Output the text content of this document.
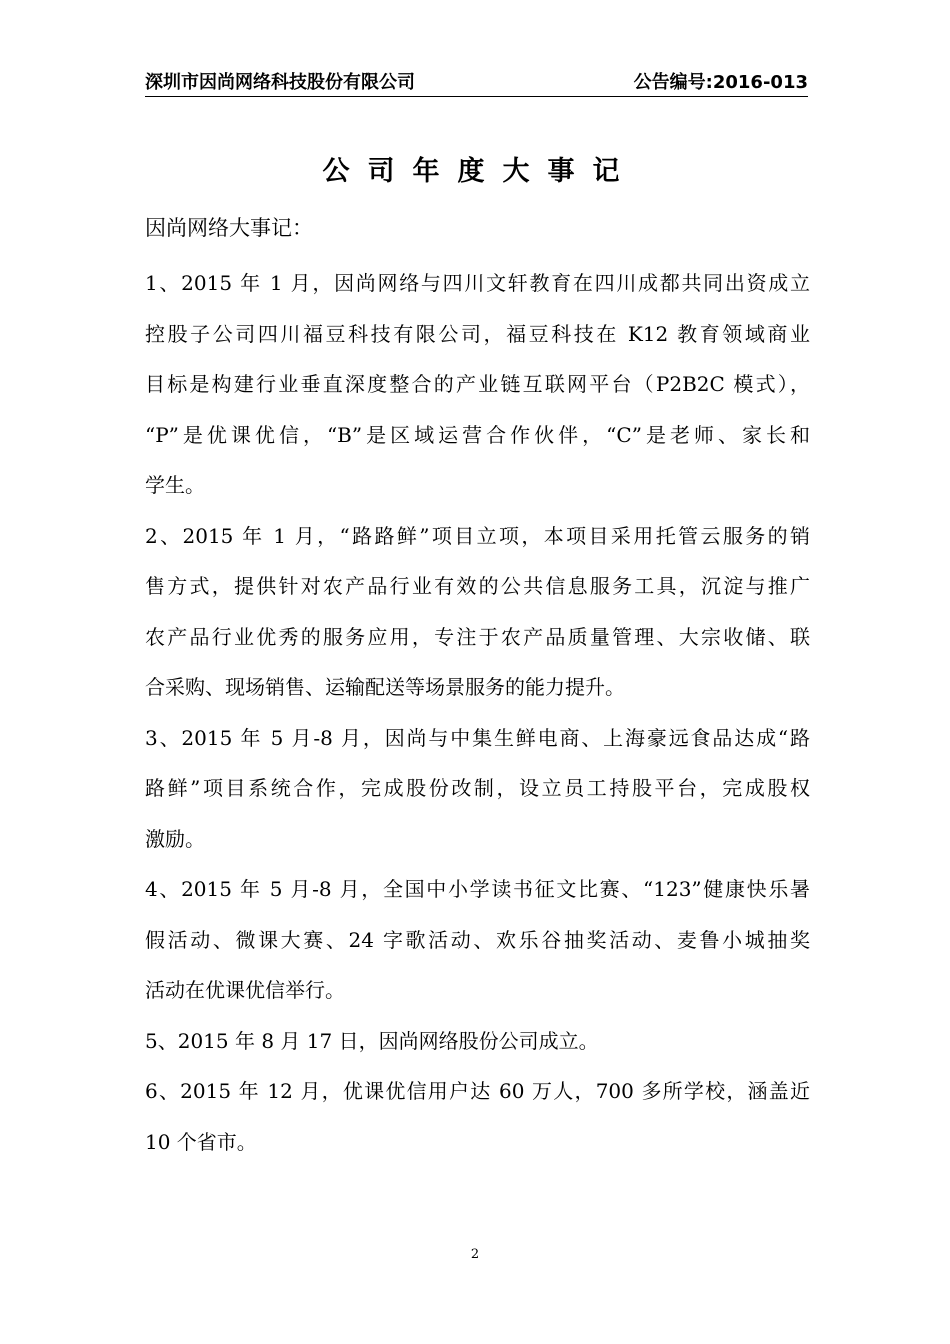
深圳市因尚网络科技股份有限公司	公告编号:2016-013
公司年度大事记
因尚网络大事记：

1、2015 年 1 月，因尚网络与四川文轩教育在四川成都共同出资成立
控股子公司四川福豆科技有限公司，福豆科技在 K12 教育领域商业
目标是构建行业垂直深度整合的产业链互联网平台（P2B2C 模式），
“P”是优课优信，“B”是区域运营合作伙伴，“C”是老师、家长和
学生。

2、2015 年 1 月，“路路鲜”项目立项，本项目采用托管云服务的销
售方式，提供针对农产品行业有效的公共信息服务工具，沉淀与推广
农产品行业优秀的服务应用，专注于农产品质量管理、大宗收储、联
合采购、现场销售、运输配送等场景服务的能力提升。

3、2015 年 5 月-8 月，因尚与中集生鲜电商、上海豪远食品达成“路
路鲜”项目系统合作，完成股份改制，设立员工持股平台，完成股权
激励。

4、2015 年 5 月-8 月，全国中小学读书征文比赛、“123”健康快乐暑
假活动、微课大赛、24 字歌活动、欢乐谷抽奖活动、麦鲁小城抽奖
活动在优课优信举行。

5、2015 年 8 月 17 日，因尚网络股份公司成立。

6、2015 年 12 月，优课优信用户达 60 万人，700 多所学校，涵盖近
10 个省市。

2
